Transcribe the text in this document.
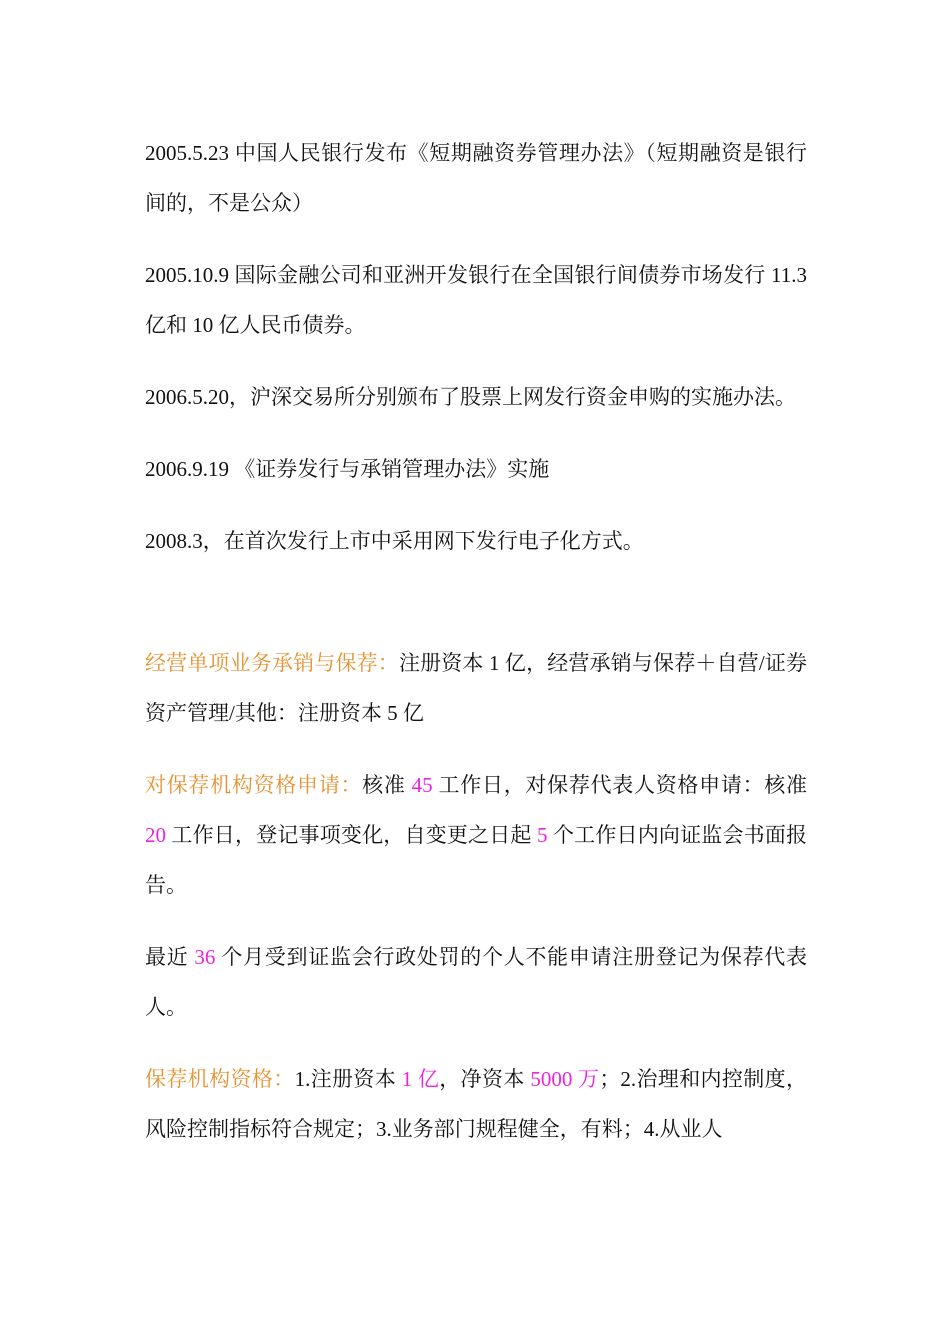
2005.5.23 中国人民银行发布《短期融资券管理办法》（短期融资是银行间的，不是公众）

2005.10.9 国际金融公司和亚洲开发银行在全国银行间债券市场发行 11.3 亿和 10 亿人民币债券。

2006.5.20，沪深交易所分别颁布了股票上网发行资金申购的实施办法。

2006.9.19 《证券发行与承销管理办法》实施

2008.3，在首次发行上市中采用网下发行电子化方式。

经营单项业务承销与保荐：注册资本 1 亿，经营承销与保荐＋自营/证券资产管理/其他：注册资本 5 亿

对保荐机构资格申请：核准 45 工作日，对保荐代表人资格申请：核准 20 工作日，登记事项变化，自变更之日起 5 个工作日内向证监会书面报告。

最近 36 个月受到证监会行政处罚的个人不能申请注册登记为保荐代表人。

保荐机构资格：1.注册资本 1 亿，净资本 5000 万；2.治理和内控制度，风险控制指标符合规定；3.业务部门规程健全，有料；4.从业人
